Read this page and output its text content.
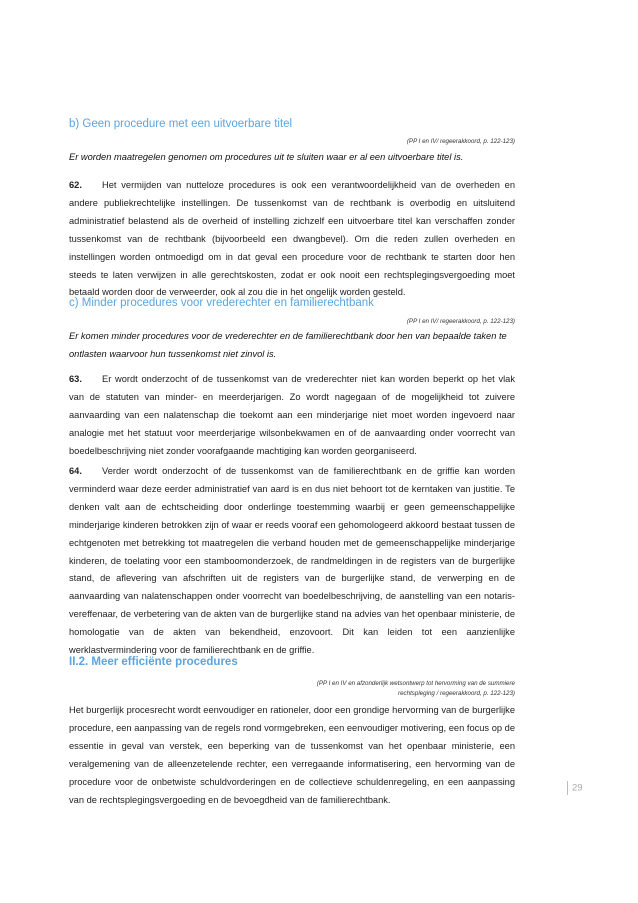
b) Geen procedure met een uitvoerbare titel
(PP I en IV/ regeerakkoord, p. 122-123)
Er worden maatregelen genomen om procedures uit te sluiten waar er al een uitvoerbare titel is.
62. Het vermijden van nutteloze procedures is ook een verantwoordelijkheid van de overheden en andere publiekrechtelijke instellingen. De tussenkomst van de rechtbank is overbodig en uitsluitend administratief belastend als de overheid of instelling zichzelf een uitvoerbare titel kan verschaffen zonder tussenkomst van de rechtbank (bijvoorbeeld een dwangbevel). Om die reden zullen overheden en instellingen worden ontmoedigd om in dat geval een procedure voor de rechtbank te starten door hen steeds te laten verwijzen in alle gerechtskosten, zodat er ook nooit een rechtsplegingsvergoeding moet betaald worden door de verweerder, ook al zou die in het ongelijk worden gesteld.
c) Minder procedures voor vrederechter en familierechtbank
(PP I en IV/ regeerakkoord, p. 122-123)
Er komen minder procedures voor de vrederechter en de familierechtbank door hen van bepaalde taken te ontlasten waarvoor hun tussenkomst niet zinvol is.
63. Er wordt onderzocht of de tussenkomst van de vrederechter niet kan worden beperkt op het vlak van de statuten van minder- en meerderjarigen. Zo wordt nagegaan of de mogelijkheid tot zuivere aanvaarding van een nalatenschap die toekomt aan een minderjarige niet moet worden ingevoerd naar analogie met het statuut voor meerderjarige wilsonbekwamen en of de aanvaarding onder voorrecht van boedelbeschrijving niet zonder voorafgaande machtiging kan worden georganiseerd.
64. Verder wordt onderzocht of de tussenkomst van de familierechtbank en de griffie kan worden verminderd waar deze eerder administratief van aard is en dus niet behoort tot de kerntaken van justitie. Te denken valt aan de echtscheiding door onderlinge toestemming waarbij er geen gemeenschappelijke minderjarige kinderen betrokken zijn of waar er reeds vooraf een gehomologeerd akkoord bestaat tussen de echtgenoten met betrekking tot maatregelen die verband houden met de gemeenschappelijke minderjarige kinderen, de toelating voor een stamboomonderzoek, de randmeldingen in de registers van de burgerlijke stand, de aflevering van afschriften uit de registers van de burgerlijke stand, de verwerping en de aanvaarding van nalatenschappen onder voorrecht van boedelbeschrijving, de aanstelling van een notaris-vereffenaar, de verbetering van de akten van de burgerlijke stand na advies van het openbaar ministerie, de homologatie van de akten van bekendheid, enzovoort. Dit kan leiden tot een aanzienlijke werklastvermindering voor de familierechtbank en de griffie.
II.2. Meer efficiënte procedures
(PP I en IV en afzonderlijk wetsontwerp tot hervorming van de summiere
rechtspleging / regeerakkoord, p. 122-123)
Het burgerlijk procesrecht wordt eenvoudiger en rationeler, door een grondige hervorming van de burgerlijke procedure, een aanpassing van de regels rond vormgebreken, een eenvoudiger motivering, een focus op de essentie in geval van verstek, een beperking van de tussenkomst van het openbaar ministerie, een veralgemening van de alleenzetelende rechter, een verregaande informatisering, een hervorming van de procedure voor de onbetwiste schuldvorderingen en de collectieve schuldenregeling, en een aanpassing van de rechtsplegingsvergoeding en de bevoegdheid van de familierechtbank.
29
